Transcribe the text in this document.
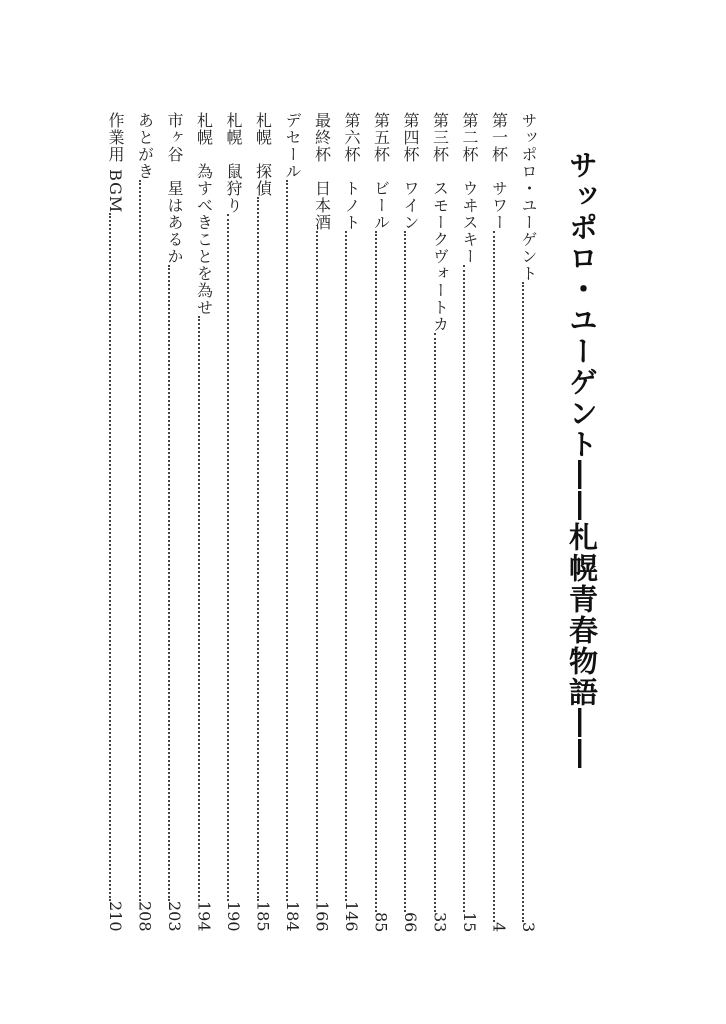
サッポロ・ユーゲント――札幌青春物語――
サッポロ・ユーゲント
3
第一杯　サワー
4
第二杯　ウヰスキー
15
第三杯　スモークヴォートカ
33
第四杯　ワイン
66
第五杯　ビール
85
第六杯　トノト
146
最終杯　日本酒
166
デセール
184
札幌　探偵
185
札幌　鼠狩り
190
札幌　為すべきことを為せ
194
市ヶ谷　星はあるか
203
あとがき
208
作業用 BGM
210
